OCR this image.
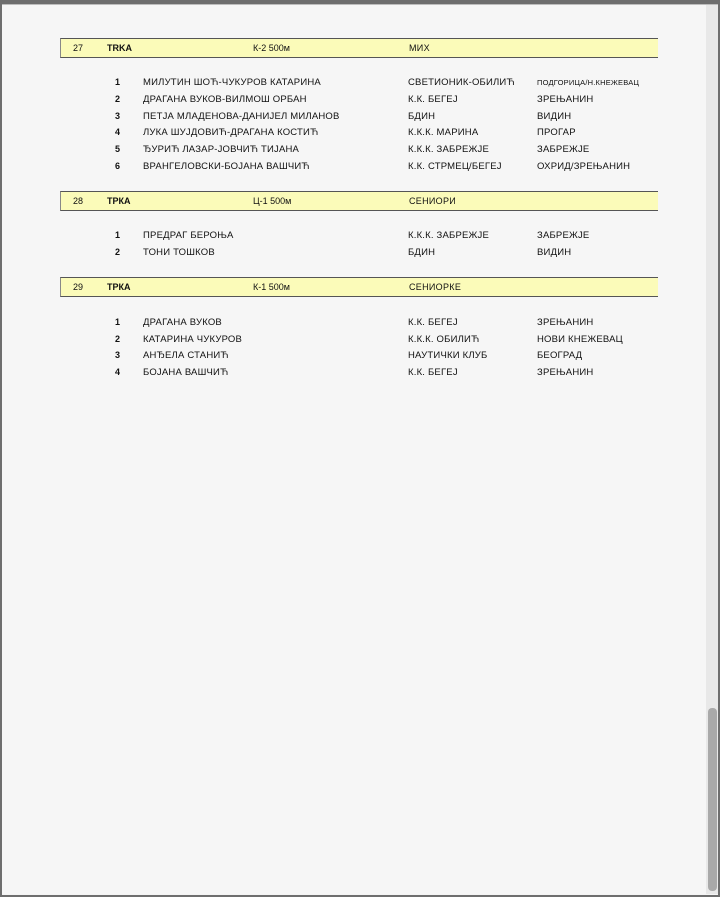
27	TRKA	К-2 500м	МИХ
1 МИЛУТИН ШОЋ-ЧУКУРОВ КАТАРИНА	СВЕТИОНИК-ОБИЛИЋ	ПОДГОРИЦА/Н.КНЕЖЕВАЦ
2 ДРАГАНА ВУКОВ-ВИЛМОШ ОРБАН	К.К. БЕГЕЈ	ЗРЕЊАНИН
3 ПЕТЈА МЛАДЕНОВА-ДАНИЈЕЛ МИЛАНОВ	БДИН	ВИДИН
4 ЛУКА ШУЈДОВИЋ-ДРАГАНА КОСТИЋ	К.К.К. МАРИНА	ПРОГАР
5 ЂУРИЋ ЛАЗАР-ЈОВЧИЋ ТИЈАНА	К.К.К. ЗАБРЕЖЈЕ	ЗАБРЕЖЈЕ
6 ВРАНГЕЛОВСКИ-БОЈАНА ВАШЧИЋ	К.К. СТРМЕЦ/БЕГЕЈ	ОХРИД/ЗРЕЊАНИН
28	ТРКА	Ц-1 500м	СЕНИОРИ
1 ПРЕДРАГ БЕРОЊА	К.К.К. ЗАБРЕЖЈЕ	ЗАБРЕЖЈЕ
2 ТОНИ ТОШКОВ	БДИН	ВИДИН
29	ТРКА	К-1 500м	СЕНИОРКЕ
1 ДРАГАНА ВУКОВ	К.К. БЕГЕЈ	ЗРЕЊАНИН
2 КАТАРИНА ЧУКУРОВ	К.К.К. ОБИЛИЋ	НОВИ КНЕЖЕВАЦ
3 АНЂЕЛА СТАНИЋ	НАУТИЧКИ КЛУБ	БЕОГРАД
4 БОЈАНА ВАШЧИЋ	К.К. БЕГЕЈ	ЗРЕЊАНИН
